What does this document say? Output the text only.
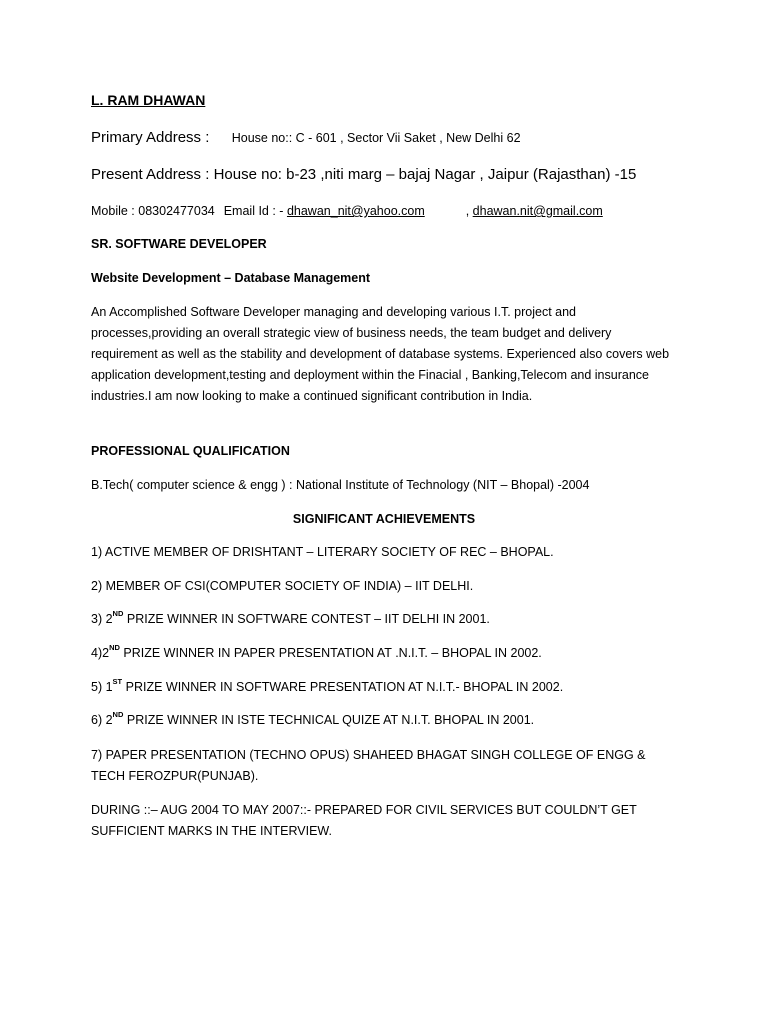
L. RAM DHAWAN
Primary Address : House no:: C - 601 , Sector Vii Saket , New Delhi 62
Present Address : House no: b-23 ,niti marg – bajaj Nagar , Jaipur (Rajasthan) -15
Mobile : 08302477034 Email Id : - dhawan_nit@yahoo.com	, dhawan.nit@gmail.com
SR. SOFTWARE DEVELOPER
Website Development – Database Management
An Accomplished Software Developer managing and developing various I.T. project and processes,providing an overall strategic view of business needs, the team budget and delivery requirement as well as the stability and development of database systems. Experienced also covers web application development,testing and deployment within the Finacial , Banking,Telecom and insurance industries.I am now looking to make a continued significant contribution in India.
PROFESSIONAL QUALIFICATION
B.Tech( computer science & engg ) : National Institute of Technology (NIT – Bhopal) -2004
SIGNIFICANT ACHIEVEMENTS
1) ACTIVE MEMBER OF DRISHTANT – LITERARY SOCIETY OF REC – BHOPAL.
2) MEMBER OF CSI(COMPUTER SOCIETY OF INDIA) – IIT DELHI.
3) 2ND PRIZE WINNER IN SOFTWARE CONTEST – IIT DELHI IN 2001.
4)2ND PRIZE WINNER IN PAPER PRESENTATION AT .N.I.T. – BHOPAL IN 2002.
5) 1ST PRIZE WINNER IN SOFTWARE PRESENTATION AT N.I.T.- BHOPAL IN 2002.
6) 2ND PRIZE WINNER IN ISTE TECHNICAL QUIZE AT N.I.T. BHOPAL IN 2001.
7) PAPER PRESENTATION (TECHNO OPUS) SHAHEED BHAGAT SINGH COLLEGE OF ENGG & TECH FEROZPUR(PUNJAB).
DURING ::– AUG 2004 TO MAY 2007::- PREPARED FOR CIVIL SERVICES BUT COULDN’T GET SUFFICIENT MARKS IN THE INTERVIEW.
